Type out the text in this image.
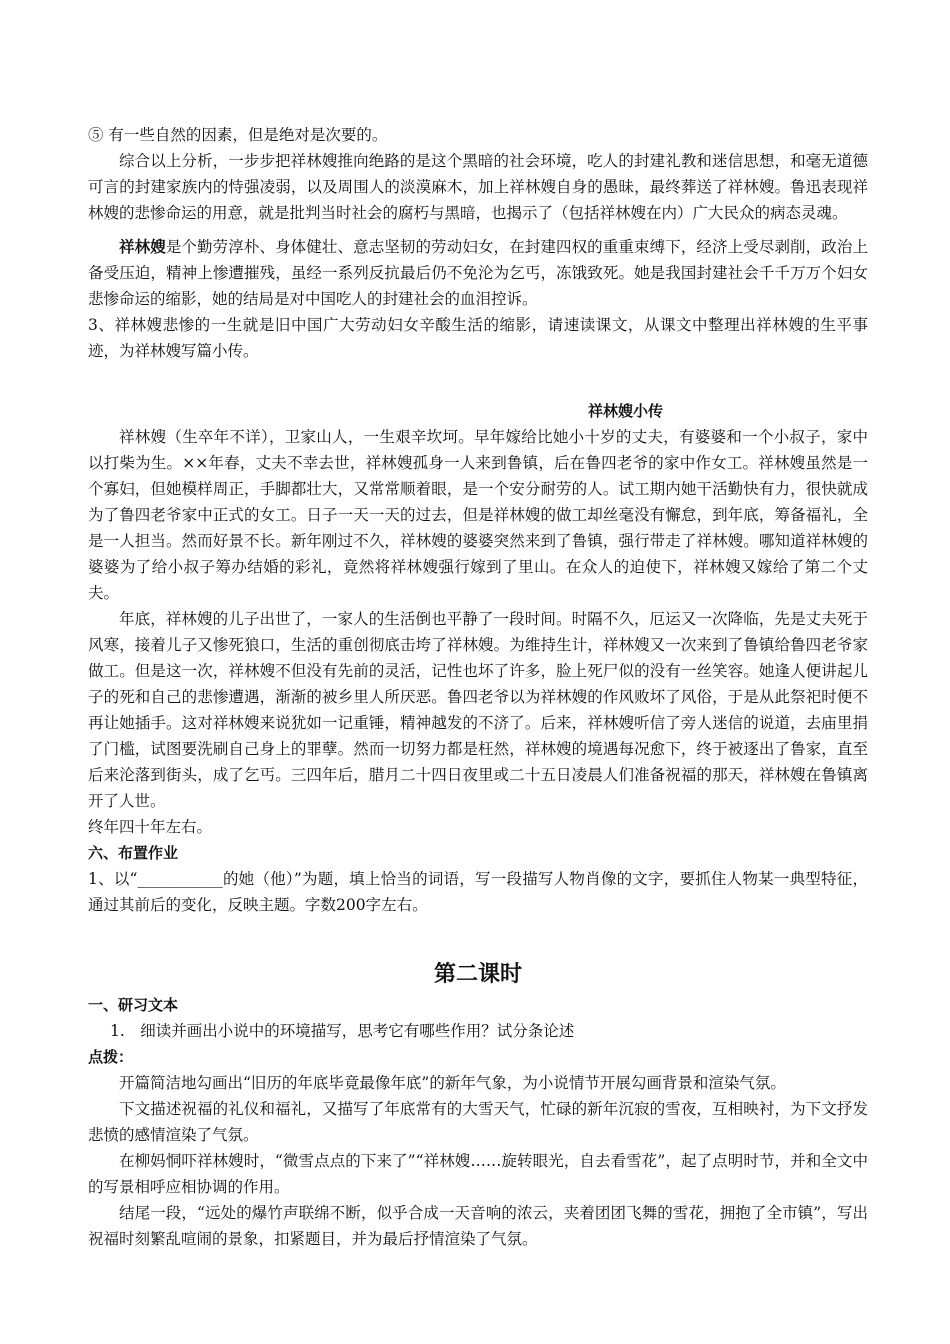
⑤ 有一些自然的因素，但是绝对是次要的。

综合以上分析，一步步把祥林嫂推向绝路的是这个黑暗的社会环境，吃人的封建礼教和迷信思想，和毫无道德可言的封建家族内的恃强凌弱，以及周围人的淡漠麻木，加上祥林嫂自身的愚昧，最终葬送了祥林嫂。鲁迅表现祥林嫂的悲惨命运的用意，就是批判当时社会的腐朽与黑暗，也揭示了（包括祥林嫂在内）广大民众的病态灵魂。

祥林嫂是个勤劳淳朴、身体健壮、意志坚韧的劳动妇女，在封建四权的重重束缚下，经济上受尽剥削，政治上备受压迫，精神上惨遭摧残，虽经一系列反抗最后仍不免沦为乞丐，冻饿致死。她是我国封建社会千千万万个妇女悲惨命运的缩影，她的结局是对中国吃人的封建社会的血泪控诉。

3、祥林嫂悲惨的一生就是旧中国广大劳动妇女辛酸生活的缩影，请速读课文，从课文中整理出祥林嫂的生平事迹，为祥林嫂写篇小传。

祥林嫂小传

祥林嫂（生卒年不详），卫家山人，一生艰辛坎坷。早年嫁给比她小十岁的丈夫，有婆婆和一个小叔子，家中以打柴为生。××年春，丈夫不幸去世，祥林嫂孤身一人来到鲁镇，后在鲁四老爷的家中作女工。祥林嫂虽然是一个寡妇，但她模样周正，手脚都壮大，又常常顺着眼，是一个安分耐劳的人。试工期内她干活勤快有力，很快就成为了鲁四老爷家中正式的女工。日子一天一天的过去，但是祥林嫂的做工却丝毫没有懈怠，到年底，筹备福礼，全是一人担当。然而好景不长。新年刚过不久，祥林嫂的婆婆突然来到了鲁镇，强行带走了祥林嫂。哪知道祥林嫂的婆婆为了给小叔子筹办结婚的彩礼，竟然将祥林嫂强行嫁到了里山。在众人的迫使下，祥林嫂又嫁给了第二个丈夫。

年底，祥林嫂的儿子出世了，一家人的生活倒也平静了一段时间。时隔不久，厄运又一次降临，先是丈夫死于风寒，接着儿子又惨死狼口，生活的重创彻底击垮了祥林嫂。为维持生计，祥林嫂又一次来到了鲁镇给鲁四老爷家做工。但是这一次，祥林嫂不但没有先前的灵活，记性也坏了许多，脸上死尸似的没有一丝笑容。她逢人便讲起儿子的死和自己的悲惨遭遇，渐渐的被乡里人所厌恶。鲁四老爷以为祥林嫂的作风败坏了风俗，于是从此祭祀时便不再让她插手。这对祥林嫂来说犹如一记重锤，精神越发的不济了。后来，祥林嫂听信了旁人迷信的说道，去庙里捐了门槛，试图要洗刷自己身上的罪孽。然而一切努力都是枉然，祥林嫂的境遇每况愈下，终于被逐出了鲁家，直至后来沦落到街头，成了乞丐。三四年后，腊月二十四日夜里或二十五日凌晨人们准备祝福的那天，祥林嫂在鲁镇离开了人世。

终年四十年左右。

六、布置作业

1、以“___________的她（他）”为题，填上恰当的词语，写一段描写人物肖像的文字，要抓住人物某一典型特征，通过其前后的变化，反映主题。字数200字左右。

第二课时

一、研习文本

1.　细读并画出小说中的环境描写，思考它有哪些作用？试分条论述

点拨：

开篇简洁地勾画出“旧历的年底毕竟最像年底”的新年气象，为小说情节开展勾画背景和渲染气氛。

下文描述祝福的礼仪和福礼，又描写了年底常有的大雪天气，忙碌的新年沉寂的雪夜，互相映衬，为下文抒发悲愤的感情渲染了气氛。

在柳妈恫吓祥林嫂时，“微雪点点的下来了”“祥林嫂……旋转眼光，自去看雪花”，起了点明时节，并和全文中的写景相呼应相协调的作用。

结尾一段，“远处的爆竹声联绵不断，似乎合成一天音响的浓云，夹着团团飞舞的雪花，拥抱了全市镇”，写出祝福时刻繁乱喧闹的景象，扣紧题目，并为最后抒情渲染了气氛。
